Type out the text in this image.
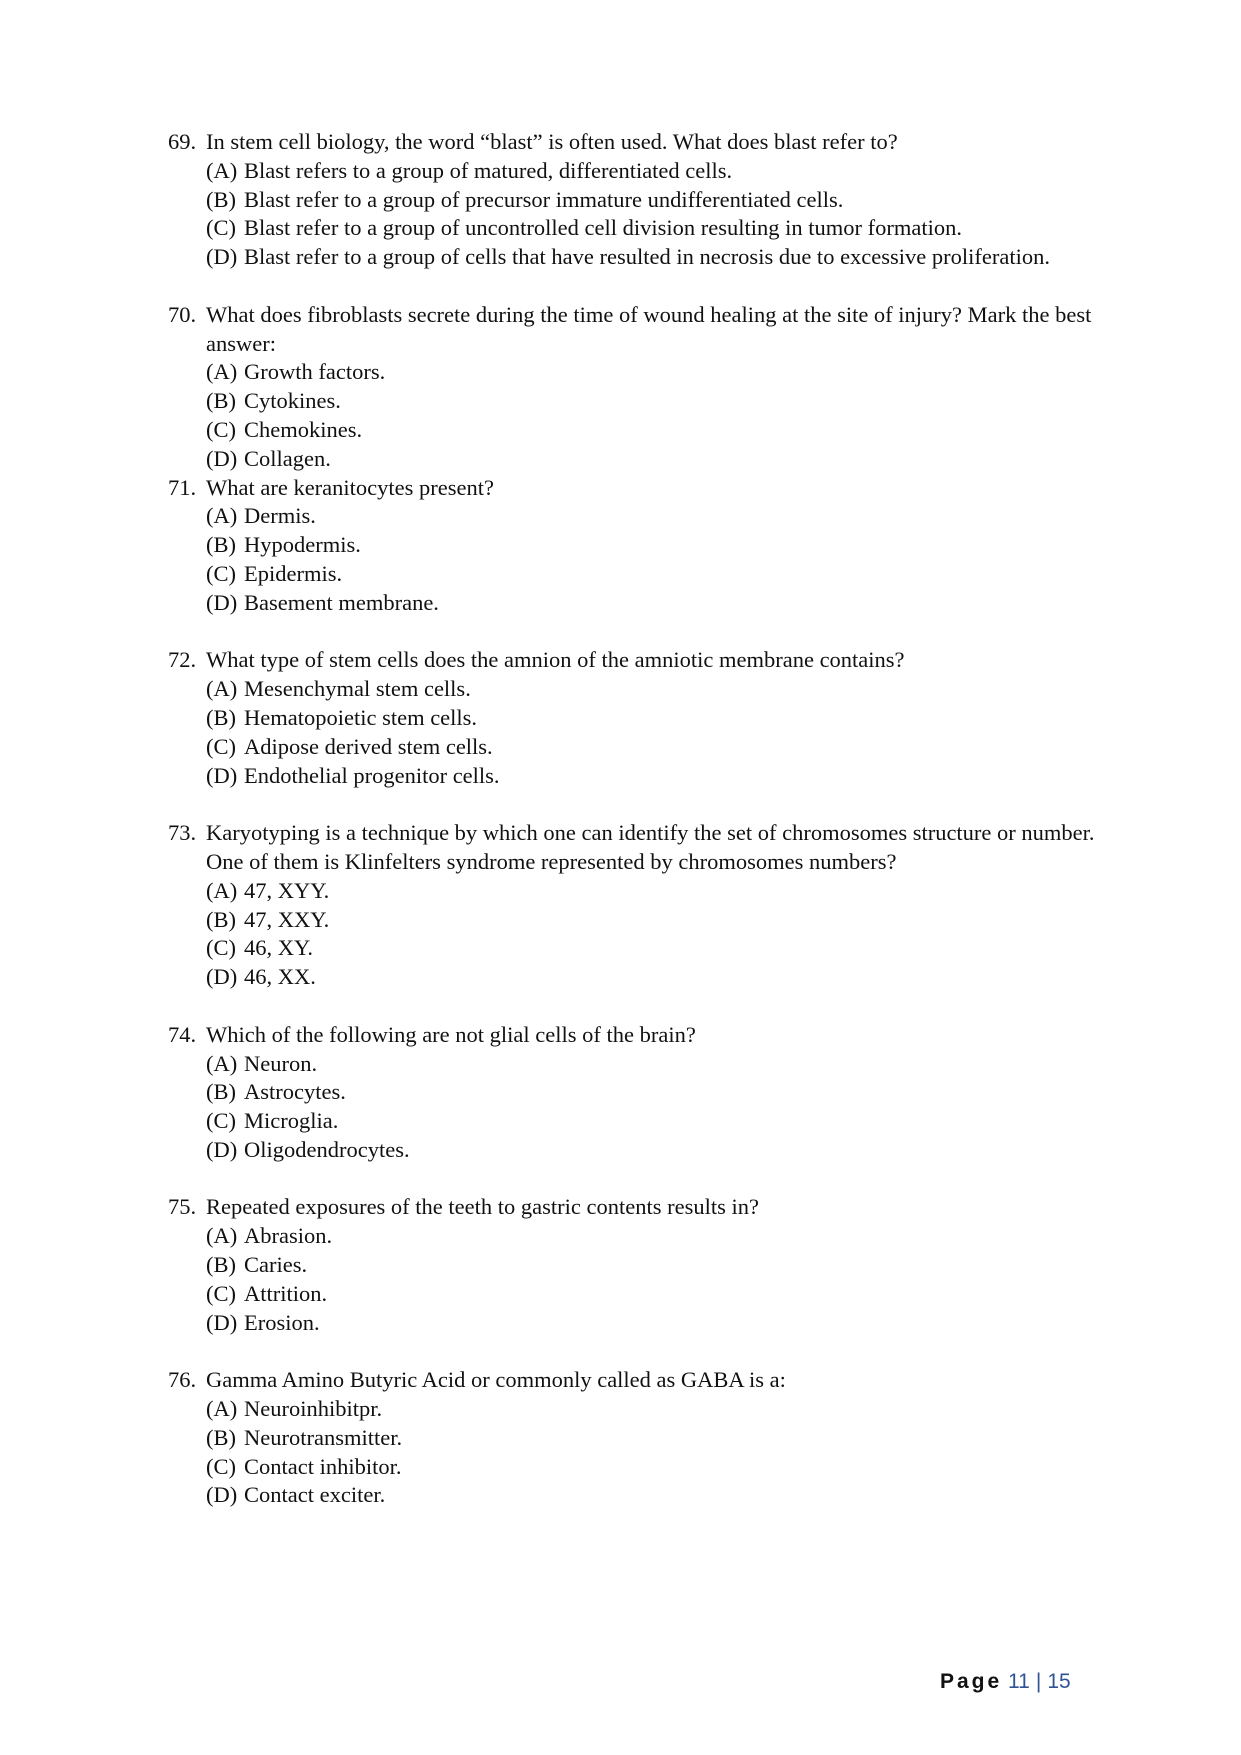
69. In stem cell biology, the word “blast” is often used. What does blast refer to?
(A) Blast refers to a group of matured, differentiated cells.
(B) Blast refer to a group of precursor immature undifferentiated cells.
(C) Blast refer to a group of uncontrolled cell division resulting in tumor formation.
(D) Blast refer to a group of cells that have resulted in necrosis due to excessive proliferation.
70. What does fibroblasts secrete during the time of wound healing at the site of injury? Mark the best answer:
(A) Growth factors.
(B) Cytokines.
(C) Chemokines.
(D) Collagen.
71. What are keranitocytes present?
(A) Dermis.
(B) Hypodermis.
(C) Epidermis.
(D) Basement membrane.
72. What type of stem cells does the amnion of the amniotic membrane contains?
(A) Mesenchymal stem cells.
(B) Hematopoietic stem cells.
(C) Adipose derived stem cells.
(D) Endothelial progenitor cells.
73. Karyotyping is a technique by which one can identify the set of chromosomes structure or number. One of them is Klinfelters syndrome represented by chromosomes numbers?
(A) 47, XYY.
(B) 47, XXY.
(C) 46, XY.
(D) 46, XX.
74. Which of the following are not glial cells of the brain?
(A) Neuron.
(B) Astrocytes.
(C) Microglia.
(D) Oligodendrocytes.
75. Repeated exposures of the teeth to gastric contents results in?
(A) Abrasion.
(B) Caries.
(C) Attrition.
(D) Erosion.
76. Gamma Amino Butyric Acid or commonly called as GABA is a:
(A) Neuroinhibitpr.
(B) Neurotransmitter.
(C) Contact inhibitor.
(D) Contact exciter.
Page 11 | 15
